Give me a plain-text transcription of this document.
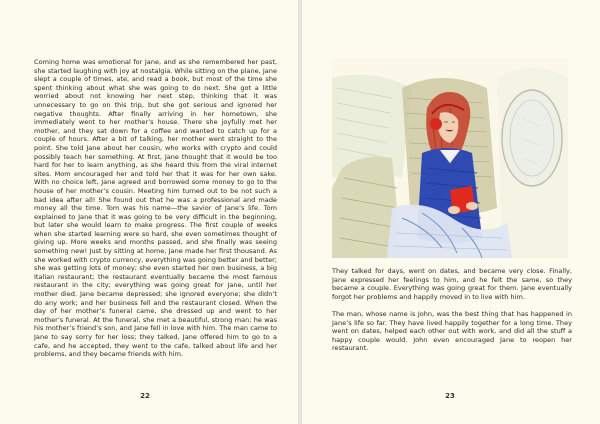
Coming home was emotional for Jane, and as she remembered her past, she started laughing with joy at nostalgia. While sitting on the plane, Jane slept a couple of times, ate, and read a book, but most of the time she spent thinking about what she was going to do next. She got a little worried about not knowing her next step, thinking that it was unnecessary to go on this trip, but she got serious and ignored her negative thoughts. After finally arriving in her hometown, she immediately went to her mother’s house. There she joyfully met her mother, and they sat down for a coffee and wanted to catch up for a couple of hours. After a bit of talking, her mother went straight to the point. She told Jane about her cousin, who works with crypto and could possibly teach her something. At first, Jane thought that it would be too hard for her to learn anything, as she heard this from the viral internet sites. Mom encouraged her and told her that it was for her own sake. With no choice left, Jane agreed and borrowed some money to go to the house of her mother’s cousin. Meeting him turned out to be not such a bad idea after all! She found out that he was a professional and made money all the time. Tom was his name—the savior of Jane’s life. Tom explained to Jane that it was going to be very difficult in the beginning, but later she would learn to make progress. The first couple of weeks when she started learning were so hard, she even sometimes thought of giving up. More weeks and months passed, and she finally was seeing something new! Just by sitting at home, Jane made her first thousand. As she worked with crypto currency, everything was going better and better; she was getting lots of money; she even started her own business, a big Italian restaurant; the restaurant eventually became the most famous restaurant in the city; everything was going great for Jane, until her mother died. Jane became depressed; she ignored everyone; she didn’t do any work; and her business fell and the restaurant closed. When the day of her mother’s funeral came, she dressed up and went to her mother’s funeral. At the funeral, she met a beautiful, strong man; he was his mother’s friend’s son, and Jane fell in love with him. The man came to Jane to say sorry for her loss; they talked, Jane offered him to go to a cafe, and he accepted, they went to the cafe, talked about life and her problems, and they became friends with him.

22

They talked for days, went on dates, and became very close. Finally, Jane expressed her feelings to him, and he felt the same, so they became a couple. Everything was going great for them. Jane eventually forgot her problems and happily moved in to live with him.

The man, whose name is John, was the best thing that has happened in Jane’s life so far. They have lived happily together for a long time. They went on dates, helped each other out with work, and did all the stuff a happy couple would. John even encouraged Jane to reopen her restaurant.

23
